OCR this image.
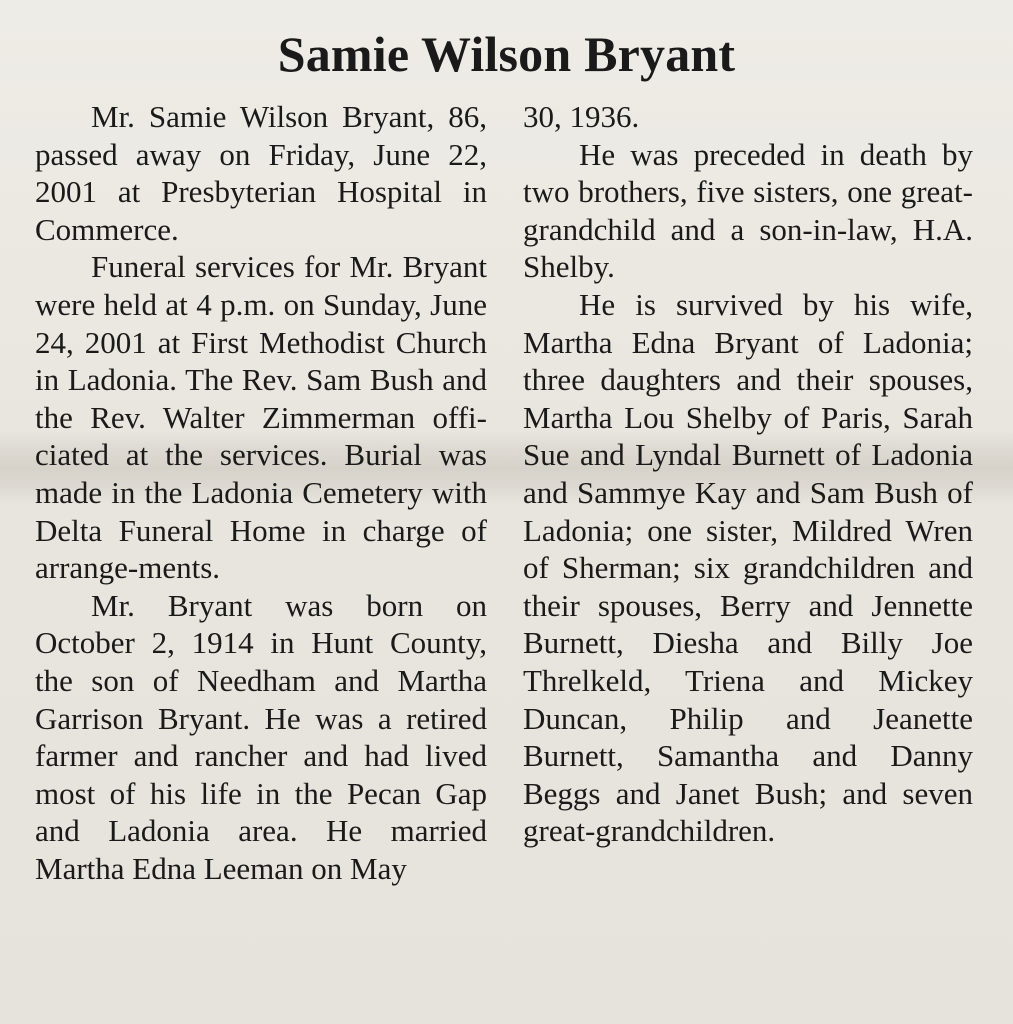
Samie Wilson Bryant

Mr. Samie Wilson Bryant, 86, passed away on Friday, June 22, 2001 at Presbyterian Hospital in Commerce.

Funeral services for Mr. Bryant were held at 4 p.m. on Sunday, June 24, 2001 at First Methodist Church in Ladonia. The Rev. Sam Bush and the Rev. Walter Zimmerman offi-ciated at the services. Burial was made in the Ladonia Cemetery with Delta Funeral Home in charge of arrange-ments.

Mr. Bryant was born on October 2, 1914 in Hunt County, the son of Needham and Martha Garrison Bryant. He was a retired farmer and rancher and had lived most of his life in the Pecan Gap and Ladonia area. He married Martha Edna Leeman on May

30, 1936.

He was preceded in death by two brothers, five sisters, one great-grandchild and a son-in-law, H.A. Shelby.

He is survived by his wife, Martha Edna Bryant of Ladonia; three daughters and their spouses, Martha Lou Shelby of Paris, Sarah Sue and Lyndal Burnett of Ladonia and Sammye Kay and Sam Bush of Ladonia; one sister, Mildred Wren of Sherman; six grandchildren and their spouses, Berry and Jennette Burnett, Diesha and Billy Joe Threlkeld, Triena and Mickey Duncan, Philip and Jeanette Burnett, Samantha and Danny Beggs and Janet Bush; and seven great-grandchildren.
